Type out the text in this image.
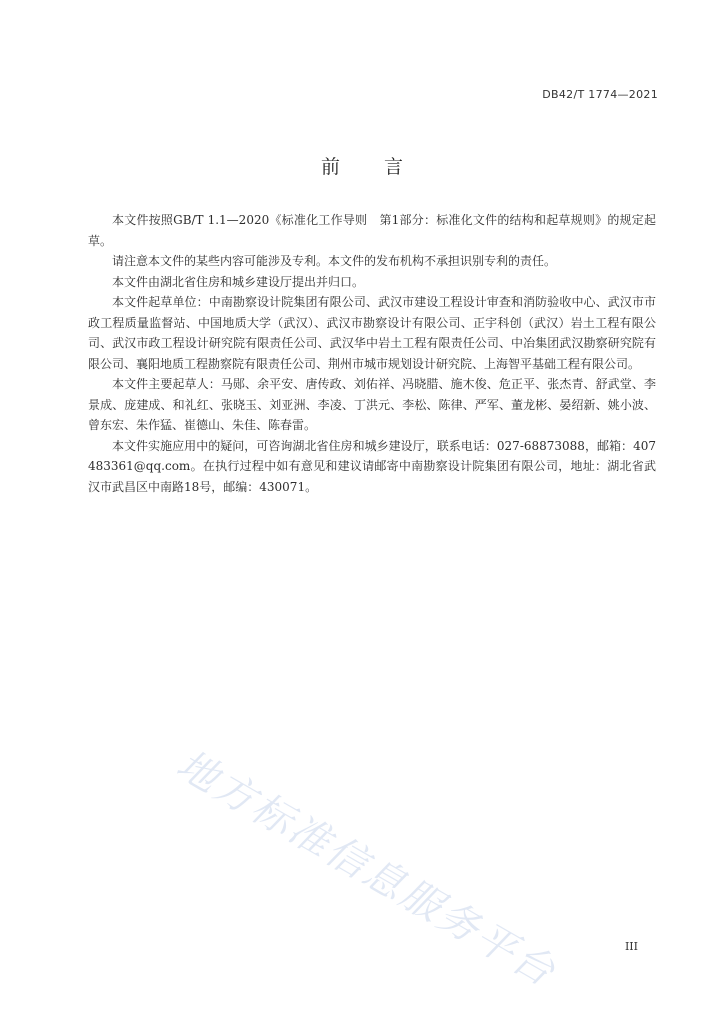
DB42/T 1774—2021
前言

本文件按照GB/T 1.1—2020《标准化工作导则　第1部分：标准化文件的结构和起草规则》的规定起草。

请注意本文件的某些内容可能涉及专利。本文件的发布机构不承担识别专利的责任。

本文件由湖北省住房和城乡建设厅提出并归口。

本文件起草单位：中南勘察设计院集团有限公司、武汉市建设工程设计审查和消防验收中心、武汉市市政工程质量监督站、中国地质大学（武汉）、武汉市勘察设计有限公司、正宇科创（武汉）岩土工程有限公司、武汉市政工程设计研究院有限责任公司、武汉华中岩土工程有限责任公司、中冶集团武汉勘察研究院有限公司、襄阳地质工程勘察院有限责任公司、荆州市城市规划设计研究院、上海智平基础工程有限公司。

本文件主要起草人：马郧、余平安、唐传政、刘佑祥、冯晓腊、施木俊、危正平、张杰青、舒武堂、李景成、庞建成、和礼红、张晓玉、刘亚洲、李凌、丁洪元、李松、陈律、严军、董龙彬、晏绍新、姚小波、曾东宏、朱作猛、崔德山、朱佳、陈春雷。

本文件实施应用中的疑问，可咨询湖北省住房和城乡建设厅，联系电话：027-68873088，邮箱：407483361@qq.com。在执行过程中如有意见和建议请邮寄中南勘察设计院集团有限公司，地址：湖北省武汉市武昌区中南路18号，邮编：430071。

地方标准信息服务平台	III
